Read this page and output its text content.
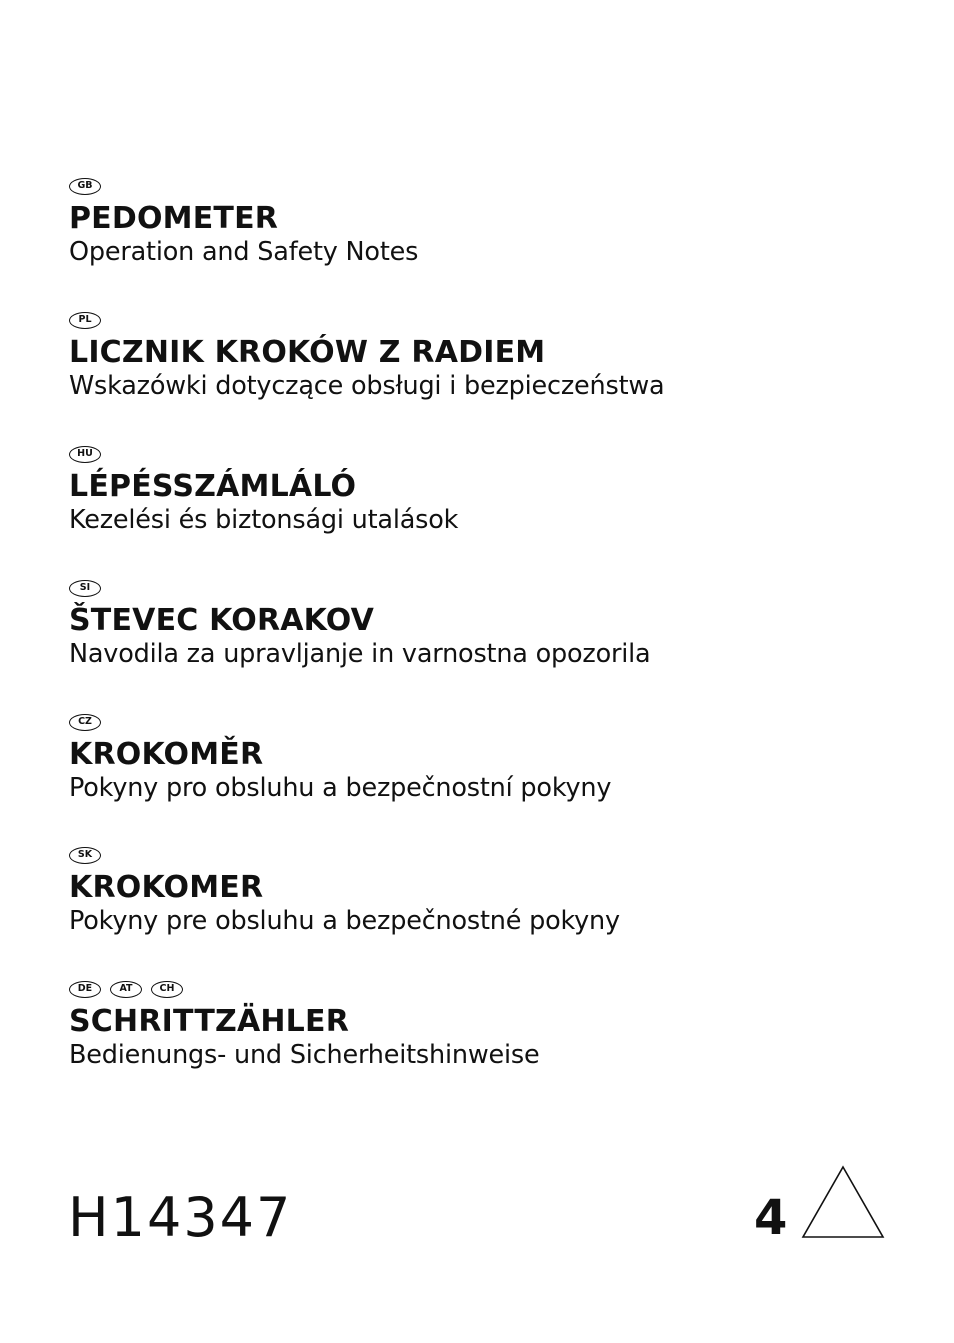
GB
PEDOMETER
Operation and Safety Notes
PL
LICZNIK KROKÓW Z RADIEM
Wskazówki dotyczące obsługi i bezpieczeństwa
HU
LÉPÉSSZÁMLÁLÓ
Kezelési és biztonsági utalások
SI
ŠTEVEC KORAKOV
Navodila za upravljanje in varnostna opozorila
CZ
KROKOMĚR
Pokyny pro obsluhu a bezpečnostní pokyny
SK
KROKOMER
Pokyny pre obsluhu a bezpečnostné pokyny
DE	AT	CH
SCHRITTZÄHLER
Bedienungs- und Sicherheitshinweise
H14347	4
